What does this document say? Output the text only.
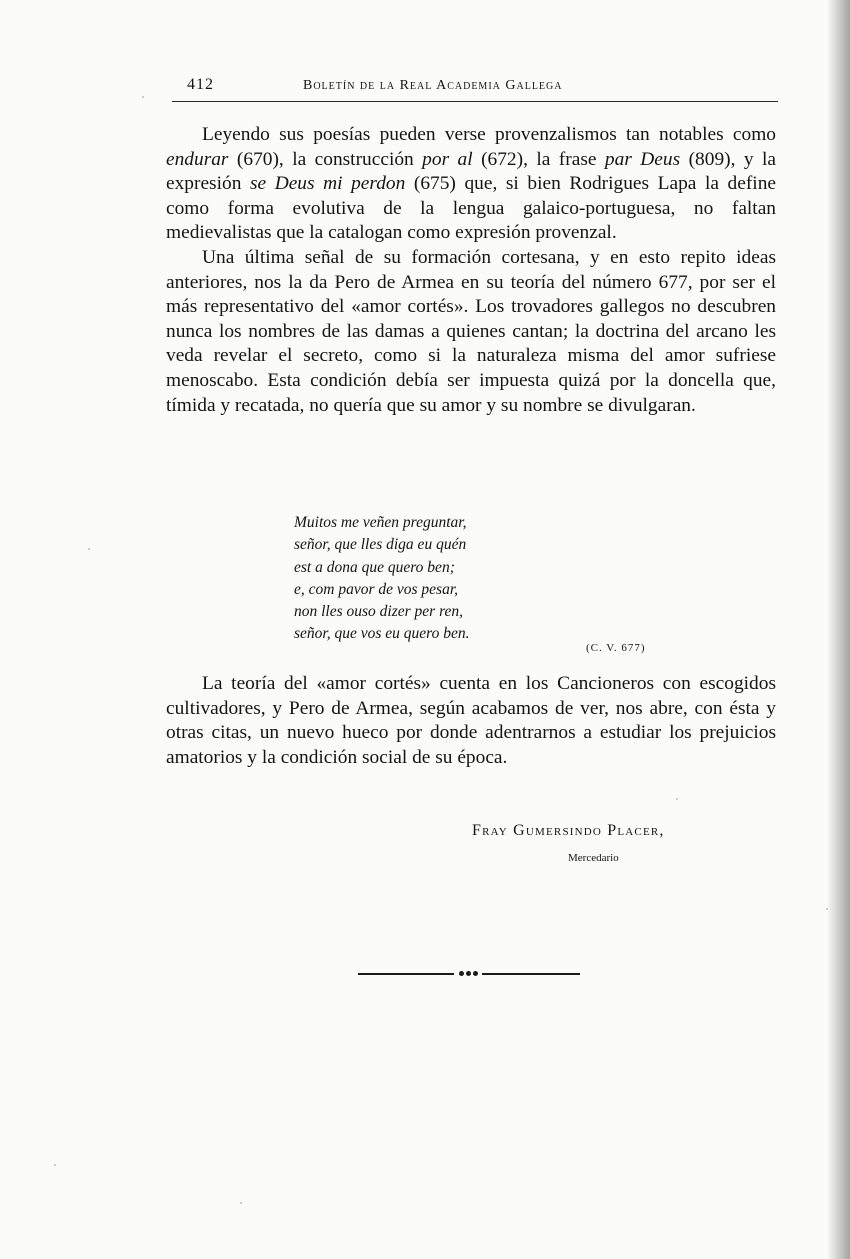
412	Boletín de la Real Academia Gallega

Leyendo sus poesías pueden verse provenzalismos tan notables como endurar (670), la construcción por al (672), la frase par Deus (809), y la expresión se Deus mi perdon (675) que, si bien Rodrigues Lapa la define como forma evolutiva de la lengua galaico-portuguesa, no faltan medievalistas que la catalogan como expresión provenzal.

Una última señal de su formación cortesana, y en esto repito ideas anteriores, nos la da Pero de Armea en su teoría del número 677, por ser el más representativo del «amor cortés». Los trovadores gallegos no descubren nunca los nombres de las damas a quienes cantan; la doctrina del arcano les veda revelar el secreto, como si la naturaleza misma del amor sufriese menoscabo. Esta condición debía ser impuesta quizá por la doncella que, tímida y recatada, no quería que su amor y su nombre se divulgaran.

Muitos me veñen preguntar,
señor, que lles diga eu quén
est a dona que quero ben;
e, com pavor de vos pesar,
non lles ouso dizer per ren,
señor, que vos eu quero ben.
(C. V. 677)

La teoría del «amor cortés» cuenta en los Cancioneros con escogidos cultivadores, y Pero de Armea, según acabamos de ver, nos abre, con ésta y otras citas, un nuevo hueco por donde adentrarnos a estudiar los prejuicios amatorios y la condición social de su época.

Fray Gumersindo Placer,
Mercedario
